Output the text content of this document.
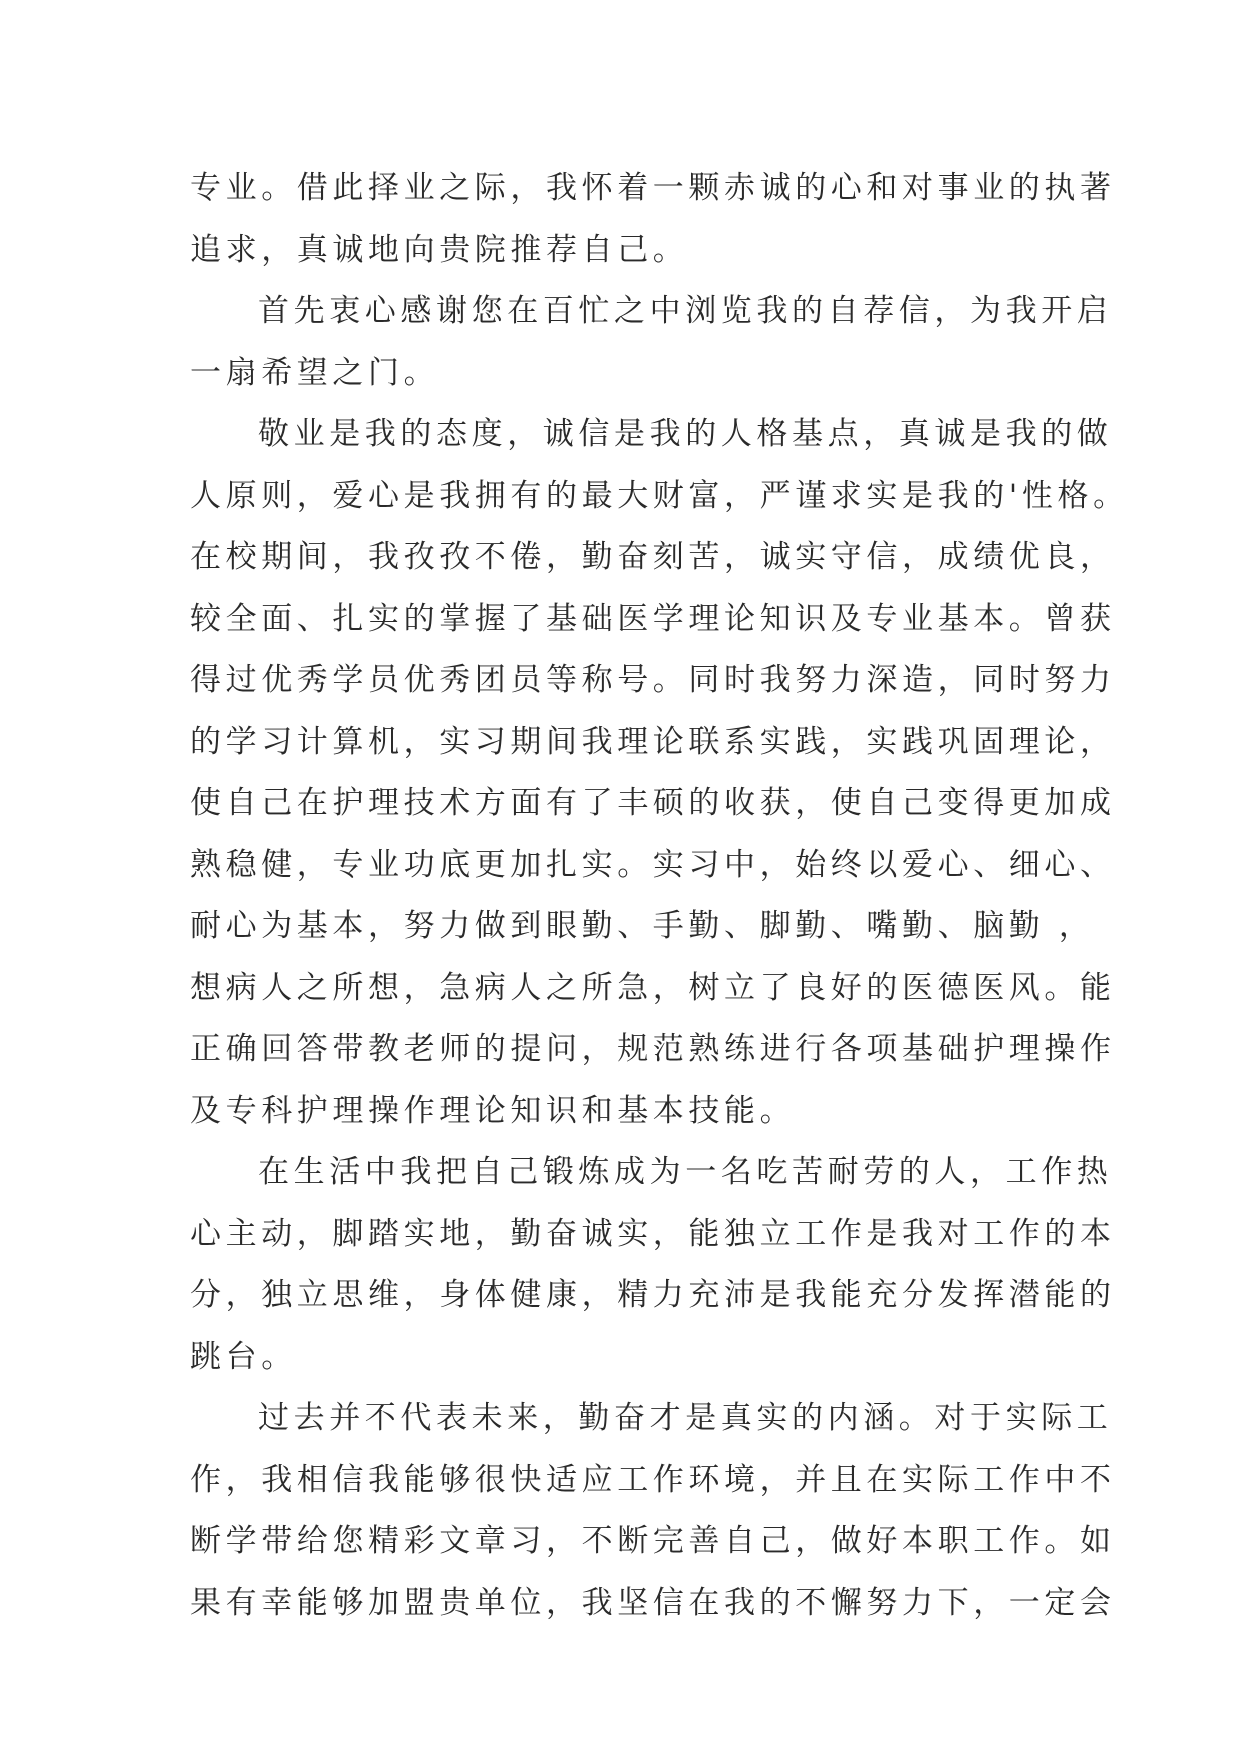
专业。借此择业之际，我怀着一颗赤诚的心和对事业的执著
追求，真诚地向贵院推荐自己。
首先衷心感谢您在百忙之中浏览我的自荐信，为我开启
一扇希望之门。
敬业是我的态度，诚信是我的人格基点，真诚是我的做
人原则，爱心是我拥有的最大财富，严谨求实是我的'性格。
在校期间，我孜孜不倦，勤奋刻苦，诚实守信，成绩优良，
较全面、扎实的掌握了基础医学理论知识及专业基本。曾获
得过优秀学员优秀团员等称号。同时我努力深造，同时努力
的学习计算机，实习期间我理论联系实践，实践巩固理论，
使自己在护理技术方面有了丰硕的收获，使自己变得更加成
熟稳健，专业功底更加扎实。实习中，始终以爱心、细心、
耐心为基本，努力做到眼勤、手勤、脚勤、嘴勤、脑勤 ，
想病人之所想，急病人之所急，树立了良好的医德医风。能
正确回答带教老师的提问，规范熟练进行各项基础护理操作
及专科护理操作理论知识和基本技能。
在生活中我把自己锻炼成为一名吃苦耐劳的人，工作热
心主动，脚踏实地，勤奋诚实，能独立工作是我对工作的本
分，独立思维，身体健康，精力充沛是我能充分发挥潜能的
跳台。
过去并不代表未来，勤奋才是真实的内涵。对于实际工
作，我相信我能够很快适应工作环境，并且在实际工作中不
断学带给您精彩文章习，不断完善自己，做好本职工作。如
果有幸能够加盟贵单位，我坚信在我的不懈努力下，一定会
